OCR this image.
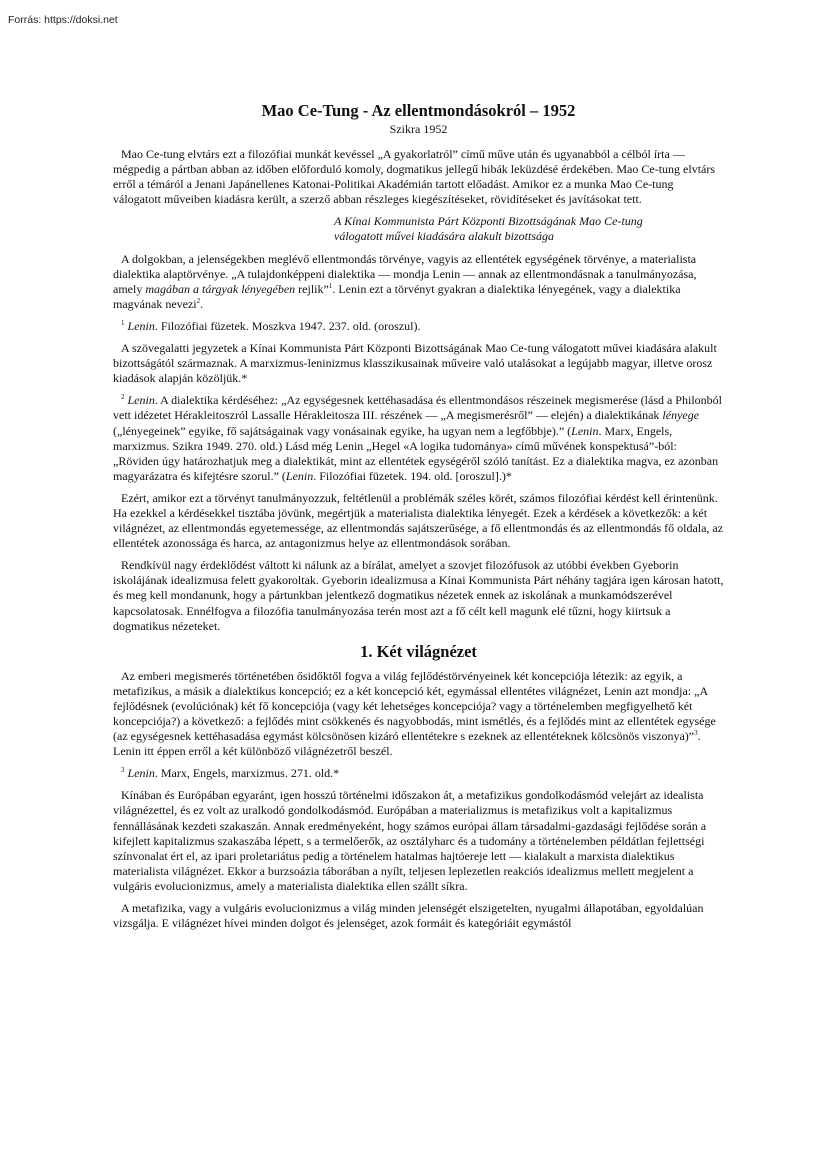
Forrás: https://doksi.net
Mao Ce-Tung - Az ellentmondásokról – 1952
Szikra 1952

Mao Ce-tung elvtárs ezt a filozófiai munkát kevéssel „A gyakorlatról” című műve után és ugyanabból a célból írta — mégpedig a pártban abban az időben előforduló komoly, dogmatikus jellegű hibák leküzdésé érdekében. Mao Ce-tung elvtárs erről a témáról a Jenani Japánellenes Katonai-Politikai Akadémián tartott előadást. Amikor ez a munka Mao Ce-tung válogatott műveiben kiadásra került, a szerző abban részleges kiegészítéseket, rövidítéseket és javításokat tett.

A Kínai Kommunista Párt Központi Bizottságának Mao Ce-tung
válogatott művei kiadására alakult bizottsága

A dolgokban, a jelenségekben meglévő ellentmondás törvénye, vagyis az ellentétek egységének törvénye, a materialista dialektika alaptörvénye. „A tulajdonképpeni dialektika — mondja Lenin — annak az ellentmondásnak a tanulmányozása, amely magában a tárgyak lényegében rejlik”$^1$. Lenin ezt a törvényt gyakran a dialektika lényegének, vagy a dialektika magvának nevezi$^2$.

$^1$ Lenin. Filozófiai füzetek. Moszkva 1947. 237. old. (oroszul).

A szövegalatti jegyzetek a Kínai Kommunista Párt Központi Bizottságának Mao Ce-tung válogatott művei kiadására alakult bizottságától származnak. A marxizmus-leninizmus klasszikusainak műveire való utalásokat a legújabb magyar, illetve orosz kiadások alapján közöljük.*

$^2$ Lenin. A dialektika kérdéséhez: „Az egységesnek kettéhasadása és ellentmondásos részeinek megismerése (lásd a Philonból vett idézetet Hérakleitoszról Lassalle Hérakleitosza III. részének — „A megismerésről” — elején) a dialektikának lényege („lényegeinek” egyike, fő sajátságainak vagy vonásainak egyike, ha ugyan nem a legfőbbje).” (Lenin. Marx, Engels, marxizmus. Szikra 1949. 270. old.) Lásd még Lenin „Hegel «A logika tudománya» című művének konspektusá”-ból: „Röviden úgy határozhatjuk meg a dialektikát, mint az ellentétek egységéről szóló tanítást. Ez a dialektika magva, ez azonban magyarázatra és kifejtésre szorul.” (Lenin. Filozófiai füzetek. 194. old. [oroszul].)*

Ezért, amikor ezt a törvényt tanulmányozzuk, feltétlenül a problémák széles körét, számos filozófiai kérdést kell érintenünk. Ha ezekkel a kérdésekkel tisztába jövünk, megértjük a materialista dialektika lényegét. Ezek a kérdések a következők: a két világnézet, az ellentmondás egyetemessége, az ellentmondás sajátszerűsége, a fő ellentmondás és az ellentmondás fő oldala, az ellentétek azonossága és harca, az antagonizmus helye az ellentmondások sorában.

Rendkívül nagy érdeklődést váltott ki nálunk az a bírálat, amelyet a szovjet filozófusok az utóbbi években Gyeborin iskolájának idealizmusa felett gyakoroltak. Gyeborin idealizmusa a Kínai Kommunista Párt néhány tagjára igen károsan hatott, és meg kell mondanunk, hogy a pártunkban jelentkező dogmatikus nézetek ennek az iskolának a munkamódszerével kapcsolatosak. Ennélfogva a filozófia tanulmányozása terén most azt a fő célt kell magunk elé tűzni, hogy kiirtsuk a dogmatikus nézeteket.

1. Két világnézet

Az emberi megismerés történetében ősidőktől fogva a világ fejlődéstörvényeinek két koncepciója létezik: az egyik, a metafizikus, a másik a dialektikus koncepció; ez a két koncepció két, egymással ellentétes világnézet, Lenin azt mondja: „A fejlődésnek (evolúciónak) két fő koncepciója (vagy két lehetséges koncepciója? vagy a történelemben megfigyelhető két koncepciója?) a következő: a fejlődés mint csökkenés és nagyobbodás, mint ismétlés, és a fejlődés mint az ellentétek egysége (az egységesnek kettéhasadása egymást kölcsönösen kizáró ellentétekre s ezeknek az ellentéteknek kölcsönös viszonya)”$^3$. Lenin itt éppen erről a két különböző világnézetről beszél.

$^3$ Lenin. Marx, Engels, marxizmus. 271. old.*

Kínában és Európában egyaránt, igen hosszú történelmi időszakon át, a metafizikus gondolkodásmód velejárt az idealista világnézettel, és ez volt az uralkodó gondolkodásmód. Európában a materializmus is metafizikus volt a kapitalizmus fennállásának kezdeti szakaszán. Annak eredményeként, hogy számos európai állam társadalmi-gazdasági fejlődése során a kifejlett kapitalizmus szakaszába lépett, s a termelőerők, az osztályharc és a tudomány a történelemben példátlan fejlettségi színvonalat ért el, az ipari proletariátus pedig a történelem hatalmas hajtóereje lett — kialakult a marxista dialektikus materialista világnézet. Ekkor a burzsoázia táborában a nyílt, teljesen leplezetlen reakciós idealizmus mellett megjelent a vulgáris evolucionizmus, amely a materialista dialektika ellen szállt síkra.

A metafizika, vagy a vulgáris evolucionizmus a világ minden jelenségét elszigetelten, nyugalmi állapotában, egyoldalúan vizsgálja. E világnézet hívei minden dolgot és jelenséget, azok formáit és kategóriáit egymástól
